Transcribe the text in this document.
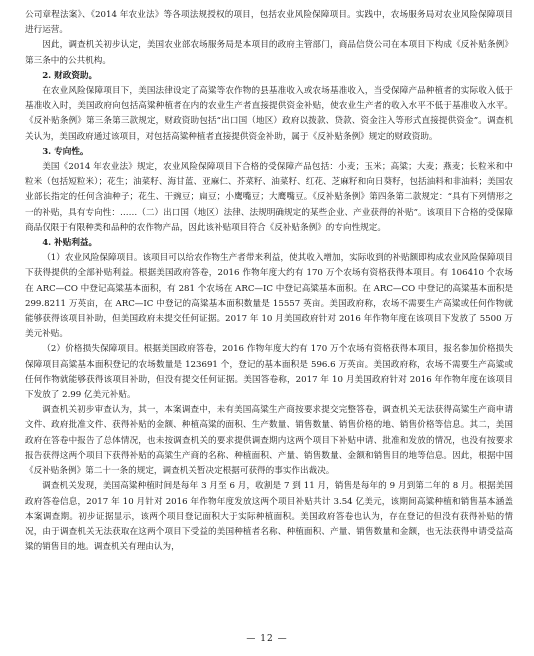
公司章程法案》、《2014 年农业法》等各项法规授权的项目，包括农业风险保障项目。实践中，农场服务局对农业风险保障项目进行运营。

因此，调查机关初步认定，美国农业部农场服务局是本项目的政府主管部门，商品信贷公司在本项目下构成《反补贴条例》第三条中的公共机构。

2. 财政资助。

在农业风险保障项目下，美国法律设定了高粱等农作物的县基准收入或农场基准收入，当受保障产品种植者的实际收入低于基准收入时，美国政府向包括高粱种植者在内的农业生产者直接提供资金补贴，使农业生产者的收入水平不低于基准收入水平。《反补贴条例》第三条第三款规定，财政资助包括“出口国（地区）政府以拨款、贷款、资金注入等形式直接提供资金”。调查机关认为，美国政府通过该项目，对包括高粱种植者直接提供资金补助，属于《反补贴条例》规定的财政资助。

3. 专向性。

美国《2014 年农业法》规定，农业风险保障项目下合格的受保障产品包括：小麦；玉米；高粱；大麦；燕麦；长粒米和中粒米（包括短粒米）；花生；油菜籽、海甘蓝、亚麻仁、芥菜籽、油菜籽、红花、芝麻籽和向日葵籽，包括油料和非油料；美国农业部长指定的任何含油种子；花生、干豌豆；扁豆；小鹰嘴豆；大鹰嘴豆。《反补贴条例》第四条第二款规定：“具有下列情形之一的补贴，具有专向性：……（二）出口国（地区）法律、法规明确规定的某些企业、产业获得的补贴”。该项目下合格的受保障商品仅限于有限种类和品种的农作物产品，因此该补贴项目符合《反补贴条例》的专向性规定。

4. 补贴利益。

（1）农业风险保障项目。该项目可以给农作物生产者带来利益，使其收入增加，实际收到的补贴额即构成农业风险保障项目下获得提供的全部补贴利益。根据美国政府答卷，2016 作物年度大约有 170 万个农场有资格获得本项目。有 106410 个农场在 ARC—CO 中登记高粱基本面积，有 281 个农场在 ARC—IC 中登记高粱基本面积。在 ARC—CO 中登记的高粱基本面积是 299.8211 万英亩，在 ARC—IC 中登记的高粱基本面积数量是 15557 英亩。美国政府称，农场不需要生产高粱或任何作物就能够获得该项目补助，但美国政府未提交任何证据。2017 年 10 月美国政府针对 2016 年作物年度在该项目下发放了 5500 万美元补贴。

（2）价格损失保障项目。根据美国政府答卷，2016 作物年度大约有 170 万个农场有资格获得本项目，报名参加价格损失保障项目高粱基本面积登记的农场数量是 123691 个，登记的基本面积是 596.6 万英亩。美国政府称，农场不需要生产高粱或任何作物就能够获得该项目补助，但没有提交任何证据。美国答卷称，2017 年 10 月美国政府针对 2016 年作物年度在该项目下发放了 2.99 亿美元补贴。

调查机关初步审查认为，其一，本案调查中，未有美国高粱生产商按要求提交完整答卷，调查机关无法获得高粱生产商申请文件、政府批准文件、获得补贴的金额、种植高粱的面积、生产数量、销售数量、销售价格的地、销售价格等信息。其二，美国政府在答卷中报告了总体情况，也未按调查机关的要求提供调查期内这两个项目下补贴申请、批准和发放的情况，也没有按要求报告获得这两个项目下获得补贴的高粱生产商的名称、种植面积、产量、销售数量、金额和销售目的地等信息。因此，根据中国《反补贴条例》第二十一条的规定，调查机关暂决定根据可获得的事实作出裁决。

调查机关发现，美国高粱种植时间是每年 3 月至 6 月，收割是 7 到 11 月，销售是每年的 9 月到第二年的 8 月。根据美国政府答卷信息，2017 年 10 月针对 2016 年作物年度发放这两个项目补贴共计 3.54 亿美元，该期间高粱种植和销售基本涵盖本案调查期。初步证据显示，该两个项目登记面积大于实际种植面积。美国政府答卷也认为，存在登记的但没有获得补贴的情况，由于调查机关无法获取在这两个项目下受益的美国种植者名称、种植面积、产量、销售数量和金额，也无法获得申请受益高粱的销售目的地。调查机关有理由认为，

— 12 —
